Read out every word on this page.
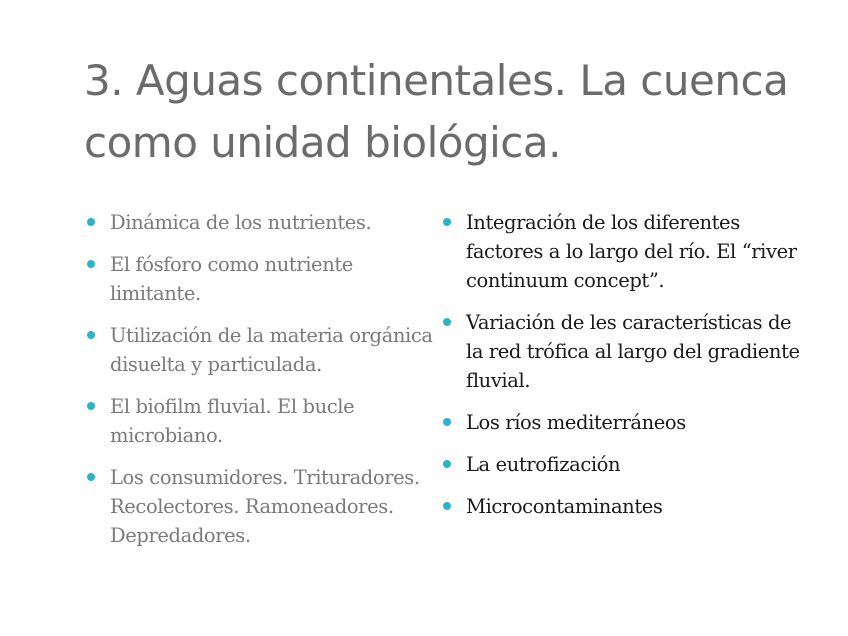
3. Aguas continentales. La cuenca
como unidad biológica.
Dinámica de los nutrientes.
El fósforo como nutriente limitante.
Utilización de la materia orgánica disuelta y particulada.
El biofilm fluvial. El bucle microbiano.
Los consumidores. Trituradores. Recolectores. Ramoneadores. Depredadores.
Integración de los diferentes factores a lo largo del río. El “river continuum concept”.
Variación de les características de la red trófica al largo del gradiente fluvial.
Los ríos mediterráneos
La eutrofización
Microcontaminantes
